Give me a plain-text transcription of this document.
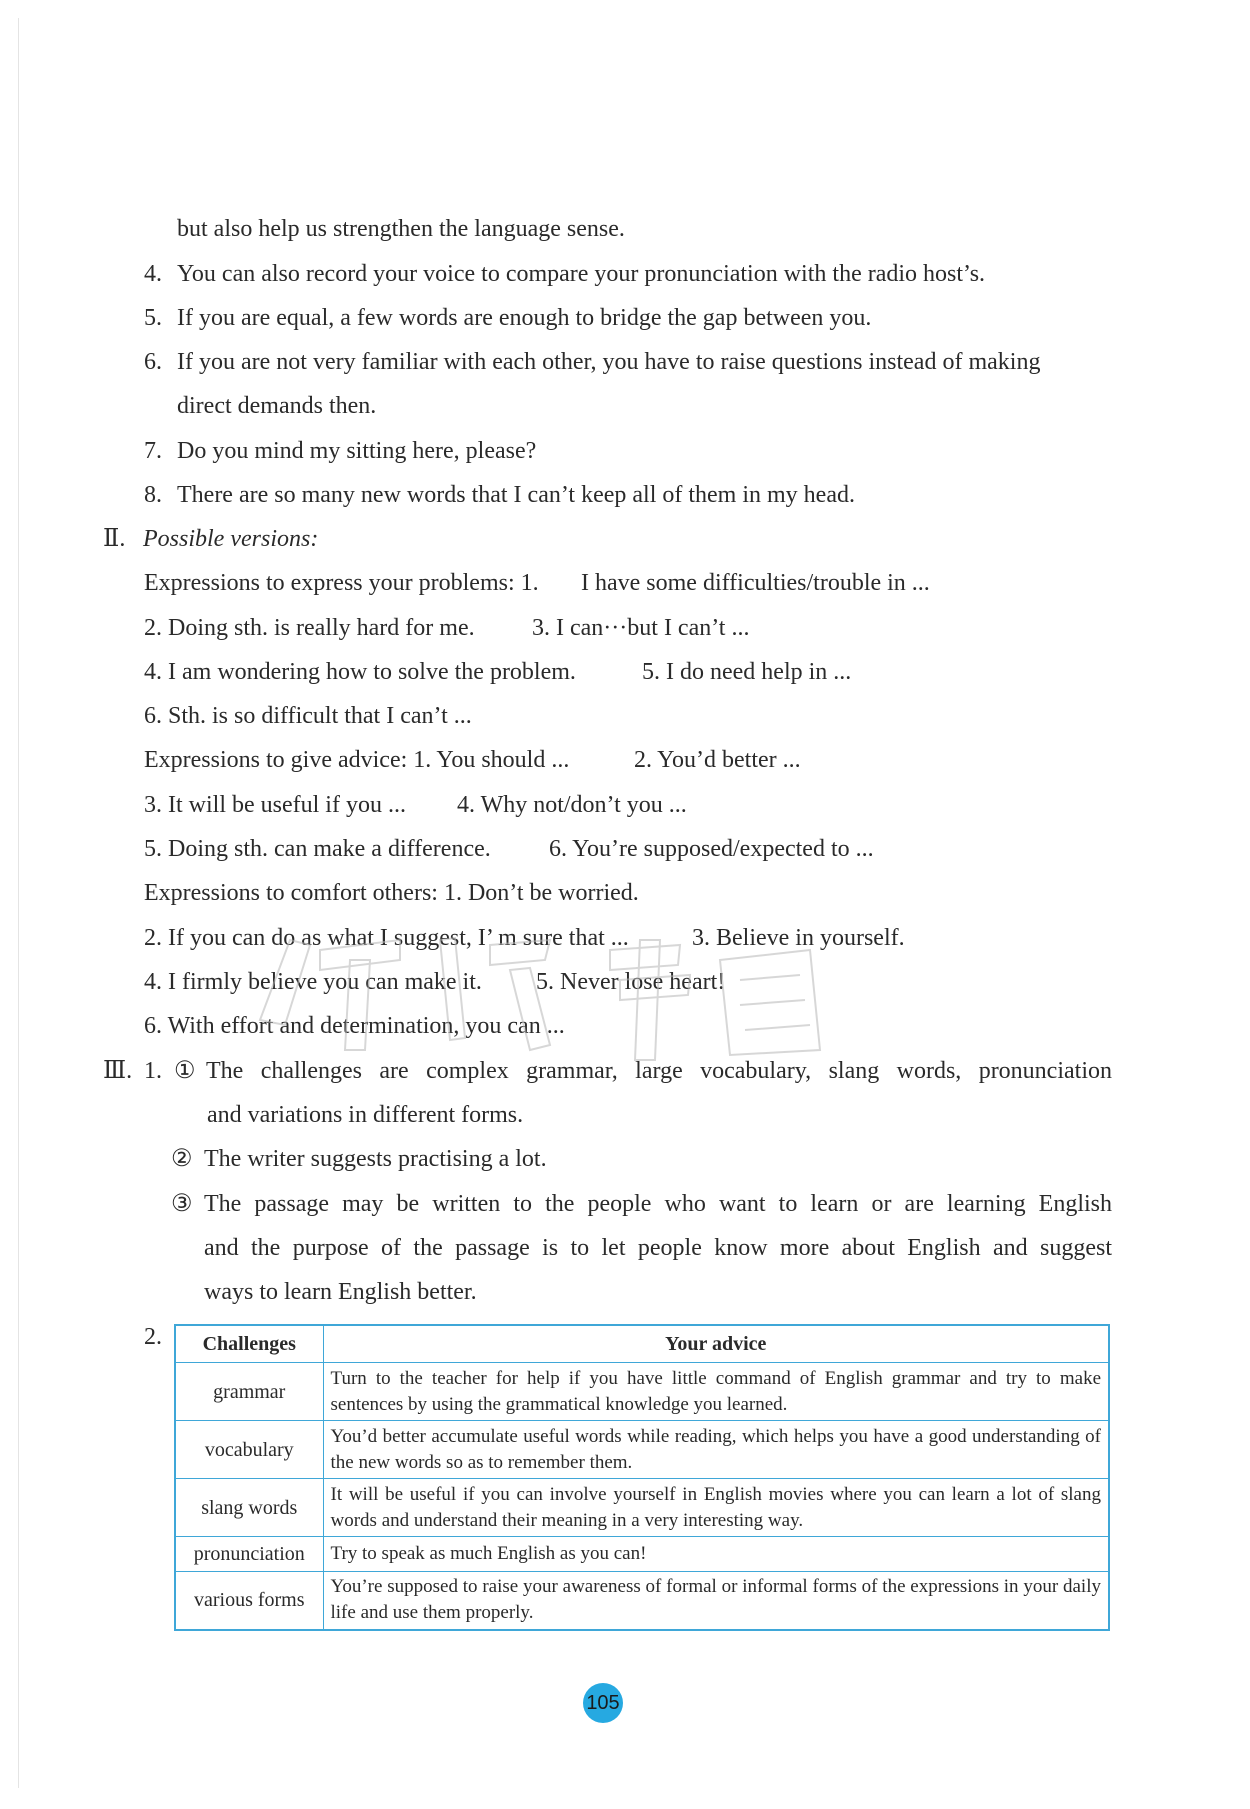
but also help us strengthen the language sense.
4. You can also record your voice to compare your pronunciation with the radio host’s.
5. If you are equal, a few words are enough to bridge the gap between you.
6. If you are not very familiar with each other, you have to raise questions instead of making
direct demands then.
7. Do you mind my sitting here, please?
8. There are so many new words that I can’t keep all of them in my head.
Ⅱ. Possible versions:
Expressions to express your problems: 1. I have some difficulties/trouble in ...
2. Doing sth. is really hard for me. 3. I can···but I can’t ...
4. I am wondering how to solve the problem.	5. I do need help in ...
6. Sth. is so difficult that I can’t ...
Expressions to give advice: 1. You should ...	2. You’d better ...
3. It will be useful if you ... 4. Why not/don’t you ...
5. Doing sth. can make a difference. 6. You’re supposed/expected to ...
Expressions to comfort others: 1. Don’t be worried.
2. If you can do as what I suggest, I’ m sure that ...	3. Believe in yourself.
4. I firmly believe you can make it. 5. Never lose heart!
6. With effort and determination, you can ...
Ⅲ. 1. ① The challenges are complex grammar, large vocabulary, slang words, pronunciation
and variations in different forms.
② The writer suggests practising a lot.
③ The passage may be written to the people who want to learn or are learning English
and the purpose of the passage is to let people know more about English and suggest
ways to learn English better.
2. Challenges	Your advice
grammar	Turn to the teacher for help if you have little command of English grammar and try to make sentences by using the grammatical knowledge you learned.
vocabulary	You’d better accumulate useful words while reading, which helps you have a good understanding of the new words so as to remember them.
slang words	It will be useful if you can involve yourself in English movies where you can learn a lot of slang words and understand their meaning in a very interesting way.
pronunciation	Try to speak as much English as you can!
various forms	You’re supposed to raise your awareness of formal or informal forms of the expressions in your daily life and use them properly.
105
